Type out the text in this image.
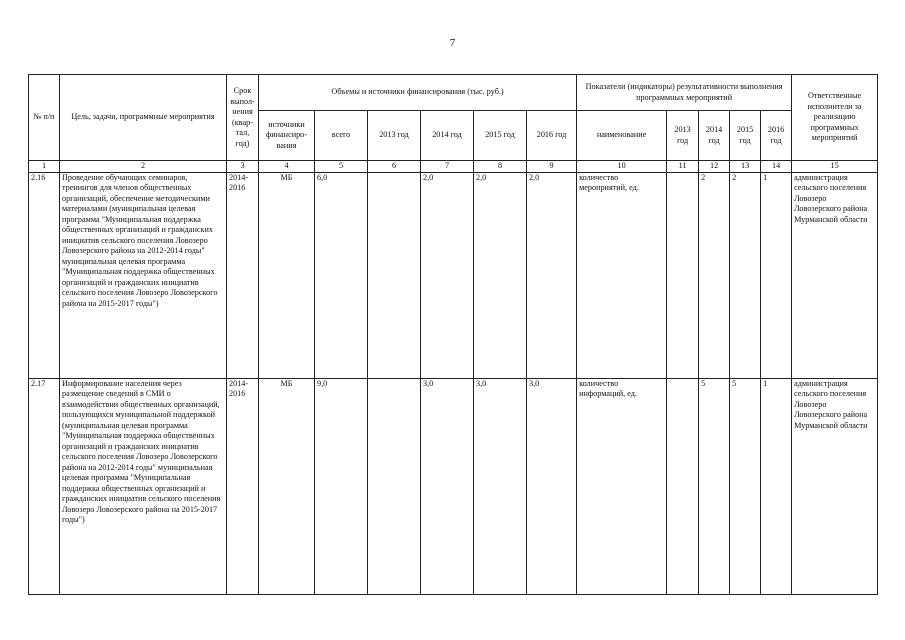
7
№ п/п	Цель, задачи, программные мероприятия	Срок выпол-нения (квар-тал, год)	Объемы и источники финансирования (тыс. руб.)						Показатели (индикаторы) результативности выполнения программных мероприятий					Ответственные исполнители за реализацию программных мероприятий
			источники финансиро-вания	всего	2013 год	2014 год	2015 год	2016 год	наименование	2013 год	2014 год	2015 год	2016 год	
1	2	3	4	5	6	7	8	9	10	11	12	13	14	15
2.16	Проведение обучающих семинаров, тренингов для членов общественных организаций, обеспечение методическими материалами (муниципальная целевая программа "Муниципальная поддержка общественных организаций и гражданских инициатив сельского поселения Ловозеро Ловозерского района на 2012-2014 годы" муниципальная целевая программа "Муниципальная поддержка общественных организаций и гражданских инициатив сельского поселения Ловозеро Ловозерского района на 2015-2017 годы")	2014-2016	МБ	6,0		2,0	2,0	2,0	количество мероприятий, ед.		2	2	1	администрация сельского поселения Ловозеро Ловозерского района Мурманской области
2.17	Информирование населения через размещение сведений в СМИ о взаимодействии общественных организаций, пользующихся муниципальной поддержкой (муниципальная целевая программа "Муниципальная поддержка общественных организаций и гражданских инициатив сельского поселения Ловозеро Ловозерского района на 2012-2014 годы" муниципальная целевая программа "Муниципальная поддержка общественных организаций и гражданских инициатив сельского поселения Ловозеро Ловозерского района на 2015-2017 годы")	2014-2016	МБ	9,0		3,0	3,0	3,0	количество информаций, ед.		5	5	1	администрация сельского поселения Ловозеро Ловозерского района Мурманской области
